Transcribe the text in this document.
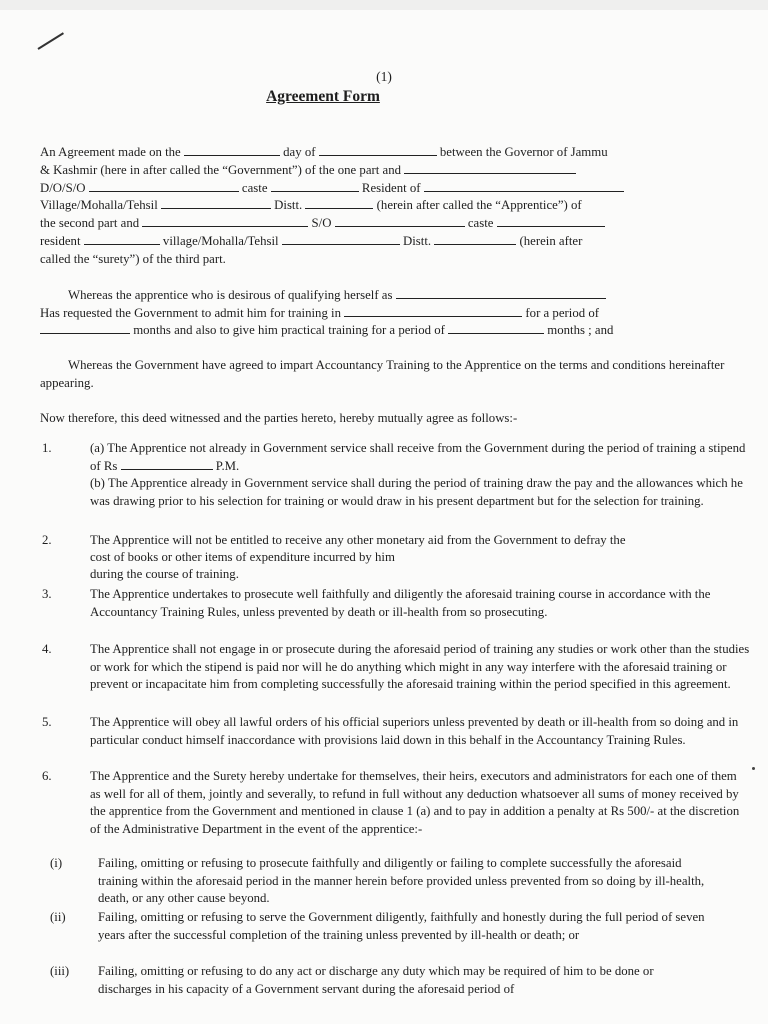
(1)
Agreement Form
An Agreement made on the	day of	between the Governor of Jammu
& Kashmir (here in after called the “Government”) of the one part and
D/O/S/O	caste	Resident of
Village/Mohalla/Tehsil	Distt.	(herein after called the “Apprentice”) of
the second part and	S/O	caste
resident	village/Mohalla/Tehsil	Distt.	(herein after
called the “surety”) of the third part.
Whereas the apprentice who is desirous of qualifying herself as
Has requested the Government to admit him for training in	for a period of
months and also to give him practical training for a period of	months ; and

Whereas the Government have agreed to impart Accountancy Training to the Apprentice on the terms and conditions hereinafter appearing.

Now therefore, this deed witnessed and the parties hereto, hereby mutually agree as follows:-
1.	(a) The Apprentice not already in Government service shall receive from the Government during the period of training a stipend of Rs	P.M.

(b) The Apprentice already in Government service shall during the period of training draw the pay and the allowances which he was drawing prior to his selection for training or would draw in his present department but for the selection for training.

2.	The Apprentice will not be entitled to receive any other monetary aid from the Government to defray the
cost of books or other items of expenditure incurred by him
during the course of training.
3.	The Apprentice undertakes to prosecute well faithfully and diligently the aforesaid training course in accordance with the Accountancy Training Rules, unless prevented by death or ill-health from so prosecuting.

4.	The Apprentice shall not engage in or prosecute during the aforesaid period of training any studies or work other than the studies or work for which the stipend is paid nor will he do anything which might in any way interfere with the aforesaid training or prevent or incapacitate him from completing successfully the aforesaid training within the period specified in this agreement.

5.	The Apprentice will obey all lawful orders of his official superiors unless prevented by death or ill-health from so doing and in particular conduct himself inaccordance with provisions laid down in this behalf in the Accountancy Training Rules.

6.	The Apprentice and the Surety hereby undertake for themselves, their heirs, executors and administrators for each one of them as well for all of them, jointly and severally, to refund in full without any deduction whatsoever all sums of money received by the apprentice from the Government and mentioned in clause 1 (a) and to pay in addition a penalty at Rs 500/- at the discretion of the Administrative Department in the event of the apprentice:-

(i)	Failing, omitting or refusing to prosecute faithfully and diligently or failing to complete successfully the aforesaid training within the aforesaid period in the manner herein before provided unless prevented from so doing by ill-health, death, or any other cause beyond.

(ii)	Failing, omitting or refusing to serve the Government diligently, faithfully and honestly during the full period of seven years after the successful completion of the training unless prevented by ill-health or death; or

(iii) Failing, omitting or refusing to do any act or discharge any duty which may be required of him to be done or discharges in his capacity of a Government servant during the aforesaid period of
